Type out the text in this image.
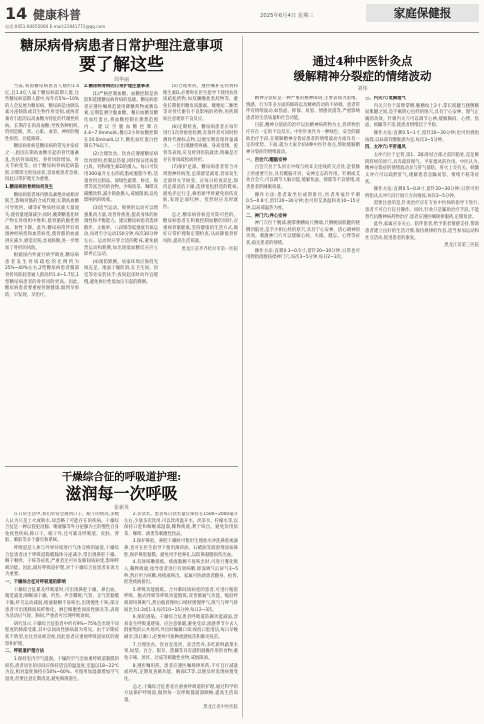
14 健康科普
电话:0451-84655060 E-mail:21941771@qq.com
2025年6月4日 星期三	家庭保健报
糖尿病骨病患者日常护理注意事项
要了解这些
周华丽

当前,我国糖尿病患者人数约1.4亿,且1.4亿人属于糖尿病前期人群,这些糖尿病前期人群中,每年有5%~10%的人会发展为糖尿病。糖尿病是由胰岛素分泌缺陷或其生物作用受损,或两者兼有引起的以高血糖为特征的代谢性疾病。长期存在的高血糖,导致各种组织,特别是眼、肾、心脏、血管、神经的慢性损害、功能障碍。

糖尿病骨病是糖尿病的常见并发症之一,指因长期高血糖引起的骨代谢紊乱,包括骨质疏松、骨折风险增加、骨关节病变等。由于糖尿病骨病起病隐匿,早期常无明显症状,容易被患者忽视,因此日常护理尤为重要。

1.糖尿病的骨病如何发生

糖尿病患者体内胰岛素绝对或相对缺乏,影响骨骼的合成代谢;长期高血糖可导致钙、磷等矿物质经尿液大量流失,使骨量逐渐减少;同时,晚期糖基化终产物在骨组织中堆积,使骨骼的脆性增加、韧性下降。此外,糖尿病常伴有周围神经病变和血管病变,使骨骼的血液供应减少,感觉迟钝,容易跌倒,进一步增加了骨折的风险。

根据国内外流行病学调查,糖尿病患者发生骨质疏松的比例约为25%~40%左右,2型糖尿病患者髋部骨折风险较普通人群高约1.4~1.7倍,1型糖尿病患者的骨折风险更高。因此,糖尿病患者要重视骨骼健康,做到早预防、早发现、早治疗。

2.糖尿病骨病的日常护理注意事项

(1)严格控制血糖。血糖控制是预防和延缓糖尿病骨病的基础。糖尿病患者应遵医嘱规范使用降糖药物或胰岛素,定期监测空腹血糖、餐后血糖及糖化血红蛋白,将血糖控制在理想范围内。建议空腹血糖控制在4.4~7.0mmol/L,餐后2小时血糖控制在10.0mmol/L以下,糖化血红蛋白控制在7%以下。

(2)合理饮食。饮食应遵循糖尿病饮食原则,控制总热量,同时保证优质蛋白质、钙和维生素D的摄入。每日可饮用300毫升左右的低脂或脱脂牛奶,适量食用豆制品、深绿色蔬菜、虾皮、海带等富含钙的食物。少喝浓茶、咖啡及碳酸饮料,减少钠盐摄入,戒烟限酒,以免影响钙的吸收。

(3)适当运动。规律的运动可以增强肌肉力量,改善骨密度,提高身体的协调性和平衡能力。建议糖尿病患者选择散步、太极拳、八段锦等低强度有氧运动,每周至少运动150分钟,每次30分钟左右。运动时应穿合适的鞋袜,避免剧烈运动和跌倒,如出现低血糖反应应立即停止运动。

(4)预防跌倒。居家环境应保持光线充足、地面干燥防滑,在卫生间、浴室等处安装扶手;夜间起床时动作宜缓慢,避免体位性低血压引起的跌倒。

(5)合理用药。遵医嘱补充钙剂和维生素D,必要时在医生指导下使用抗骨质疏松药物,如双膦酸盐类药物等。避免长期使用糖皮质激素、噻唑烷二酮类等对骨代谢有不良影响的药物,用药期间注意观察不良反应。

(6)定期检查。糖尿病患者应每年进行1次骨密度检测,有条件者可同时检测骨代谢标志物,以便早期发现骨量减少。一旦出现腰背疼痛、身高变矮、驼背等表现,应及时到医院就诊,明确是否存在骨质疏松或骨折。

(7)保护足部。糖尿病患者常合并周围神经病变,足部感觉减退,容易发生足部骨关节病变。应每日检查双足,保持足部清洁干燥,选择宽松舒适的鞋袜,避免赤足行走,修剪趾甲时避免损伤皮肤,发现足部红肿、变形时应及时就医。

总之,糖尿病骨病是可防可控的。糖尿病患者在积极控制血糖的同时,应重视骨骼健康,坚持健康的生活方式,做好日常护理和定期检查,从而降低骨折风险,提高生活质量。

黑龙江省齐齐哈尔市第一医院

干燥综合征的呼吸道护理:
滋润每一次呼吸
崔新英

在日常生活中,我们常常会遇到口干、眼干的情况,多数人认为只是上火或缺水,却忽略了可能存在的疾病。干燥综合征是一种以侵犯泪腺、唾液腺等外分泌腺为主的慢性自身免疫性疾病,除口干、眼干外,还可累及呼吸道、皮肤、肾脏、肺脏等多个器官和系统。

呼吸道是人体与外界环境进行气体交换的通道,干燥综合征患者由于呼吸道黏膜腺体分泌减少,常出现鼻腔干燥、咽干咽痒、干咳等症状,严重者还可并发肺间质病变,影响呼吸功能。因此,做好呼吸道护理,对于干燥综合征患者来说尤为重要。

一、干燥综合征对呼吸道的影响

干燥综合征累及呼吸道时,可出现鼻腔干燥、鼻出血、嗅觉减退;咽喉部干燥、灼热、声音嘶哑;气管、支气管黏膜干燥,纤毛运动减弱,痰液黏稠不易咳出,出现慢性干咳;部分患者可出现肺间质纤维化、淋巴细胞性间质性肺炎等,表现为活动后气促、胸闷,严重者可出现呼吸衰竭。

研究显示,干燥综合征患者中约有9%~75%会出现不同程度的肺部受累,其中以间质性肺病最为常见。由于早期症状不典型,往往容易被忽视,因此患者应重视呼吸道症状的观察和护理。

二、呼吸道护理方法

1.保持室内空气湿润。干燥的空气会加重呼吸道黏膜的损伤,患者居住的房间应保持适宜的温湿度,室温以18~22℃为宜,相对湿度保持在50%~60%。可使用加湿器增加空气湿度,但要注意定期清洗,避免细菌滋生。

2.多饮水。患者每日饮水量应保持在1500~2000毫升左右,少量多次饮用,可以饮用温开水、淡茶水、柠檬水等,以保持口腔和咽喉部湿润,稀释痰液,利于咳出。避免饮用浓茶、咖啡、酒类等刺激性饮品。

3.保护鼻腔。鼻腔干燥时可使用生理盐水冲洗鼻腔或滴鼻,也可在医生指导下使用薄荷油、石蜡油等润滑剂涂抹鼻腔,保护鼻腔黏膜。避免用手挖鼻孔,以防鼻黏膜损伤出血。

4.有效咳嗽排痰。痰液黏稠不易咳出时,可进行雾化吸入,稀释痰液;指导患者进行有效咳嗽,即深吸气后屏气3~5秒,然后用力咳嗽,将痰液咳出。家属可协助患者翻身、拍背,促进痰液排出。

5.呼吸功能锻炼。合并肺间质病变的患者,可进行缩唇呼吸、腹式呼吸等呼吸功能锻炼,改善肺通气功能。缩唇呼吸即用鼻吸气,然后缩唇像吹口哨样缓慢呼气,吸气与呼气时间比为1:2或1:3,每次10~15分钟,每日2~3次。

6.预防感染。干燥综合征患者呼吸道防御功能减弱,容易发生呼吸道感染。应注意保暖,避免受凉;流感季节少去人群密集的公共场所,外出时佩戴口罩;保持口腔清洁,每日早晚刷牙,饭后漱口;必要时可接种流感疫苗和肺炎疫苗。

7.合理饮食。饮食宜清淡、富含营养,多吃新鲜蔬菜水果,如梨、百合、银耳、莲藕等具有滋阴润燥作用的食物;避免辛辣、煎炸、过咸等刺激性食物,戒烟限酒。

8.遵医嘱用药。患者应遵医嘱规律用药,不可自行减量或停药,定期复查肺功能、胸部CT等,以便及时发现病情变化。

总之,干燥综合征患者应重视呼吸道的护理,通过科学的方法保护呼吸道,做到每一次呼吸都滋润顺畅,提高生活质量。

黑龙江省中医医院

通过4种中医针灸点
缓解精神分裂症的情绪波动
刘伟

精神分裂症是一种严重的精神障碍,主要表现为思维、情感、行为等多方面的障碍以及精神活动的不协调。患者常伴有情绪波动,如焦虑、抑郁、易怒、情感淡漠等,严重影响患者的生活质量和社会功能。

目前,精神分裂症的治疗以抗精神病药物为主,但药物治疗存在一定的不良反应。中医针灸作为一种绿色、安全的辅助治疗手段,在缓解精神分裂症患者的情绪波动方面具有一定的优势。下面,就为大家介绍4种中医针灸点,帮助缓解精神分裂症的情绪波动。

一、百会穴:醒脑安神

百会穴位于头顶正中线与两耳尖连线的交点处,是督脉上的重要穴位,具有醒脑开窍、安神定志的作用。针刺或艾灸百会穴,可以调节大脑功能,缓解焦虑、抑郁等不良情绪,改善患者的睡眠质量。

操作方法:患者取坐位或仰卧位,医者用毫针平刺0.5~0.8寸,留针20~30分钟;也可用艾条温和灸10~15分钟,以局部温热为度。

二、神门穴:养心安神

神门穴位于腕部,腕掌侧横纹尺侧端,尺侧腕屈肌腱的桡侧凹陷处,是手少阴心经的原穴,具有宁心安神、清心调神的功效。刺激神门穴可以缓解心烦、失眠、健忘、心悸等症状,稳定患者的情绪。

操作方法:直刺0.3~0.5寸,留针20~30分钟;日常也可用拇指指腹按揉神门穴,每次3~5分钟,每日2~3次。

三、内关穴:宽胸理气

内关穴位于前臂掌侧,腕横纹上2寸,掌长肌腱与桡侧腕屈肌腱之间,是手厥阴心包经的络穴,具有宁心安神、理气止痛的功效。针刺内关穴可以调节心神,缓解胸闷、心悸、焦虑、烦躁等不适,使患者情绪趋于平稳。

操作方法:直刺0.5~1寸,留针20~30分钟;也可用拇指按揉,以局部有酸胀感为宜,每次3~5分钟。

四、太冲穴:平肝熄风

太冲穴位于足背,第1、2跖骨结合部之前凹陷处,是足厥阴肝经的原穴,具有疏肝理气、平肝熄风的作用。中医认为,精神分裂症的情绪波动多与肝气郁结、肝火上炎有关。刺激太冲穴可以疏泄肝气,缓解患者急躁易怒、情绪不稳等症状。

操作方法:直刺0.5~0.8寸,留针20~30分钟;日常可用拇指从太冲穴向行间穴方向推按,每次3~5分钟。

需要注意的是,针灸治疗应在专业中医师的指导下进行,患者不可自行盲目操作。同时,针灸只是辅助治疗手段,不能替代抗精神病药物治疗,患者应遵医嘱规律服药,定期复诊。

此外,家属应多关心、陪伴患者,给予患者情感支持,帮助患者建立良好的生活习惯,保持规律的作息,适当参加运动和社交活动,促进患者的康复。

黑龙江省第三医院
